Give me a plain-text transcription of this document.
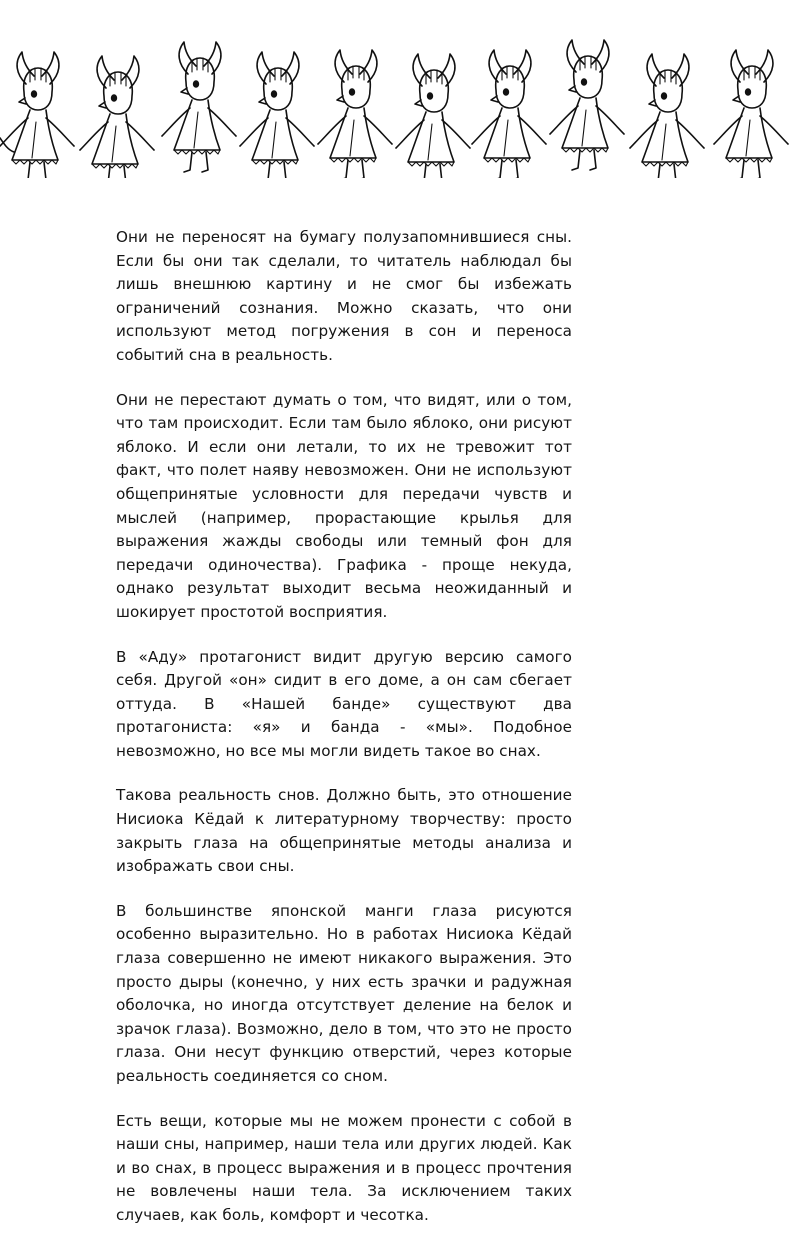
Они не переносят на бумагу полузапомнившиеся сны. Если бы они так сделали, то читатель наблюдал бы лишь внешнюю картину и не смог бы избежать ограничений сознания. Можно сказать, что они используют метод погружения в сон и переноса событий сна в реальность.

Они не перестают думать о том, что видят, или о том, что там происходит. Если там было яблоко, они рисуют яблоко. И если они летали, то их не тревожит тот факт, что полет наяву невозможен. Они не используют общепринятые условности для передачи чувств и мыслей (например, прорастающие крылья для выражения жажды свободы или темный фон для передачи одиночества). Графика - проще некуда, однако результат выходит весьма неожиданный и шокирует простотой восприятия.

В «Аду» протагонист видит другую версию самого себя. Другой «он» сидит в его доме, а он сам сбегает оттуда. В «Нашей банде» существуют два протагониста: «я» и банда - «мы». Подобное невозможно, но все мы могли видеть такое во снах.

Такова реальность снов. Должно быть, это отношение Нисиока Кёдай к литературному творчеству: просто закрыть глаза на общепринятые методы анализа и изображать свои сны.

В большинстве японской манги глаза рисуются особенно выразительно. Но в работах Нисиока Кёдай глаза совершенно не имеют никакого выражения. Это просто дыры (конечно, у них есть зрачки и радужная оболочка, но иногда отсутствует деление на белок и зрачок глаза). Возможно, дело в том, что это не просто глаза. Они несут функцию отверстий, через которые реальность соединяется со сном.

Есть вещи, которые мы не можем пронести с собой в наши сны, например, наши тела или других людей. Как и во снах, в процесс выражения и в процесс прочтения не вовлечены наши тела. За исключением таких случаев, как боль, комфорт и чесотка.
